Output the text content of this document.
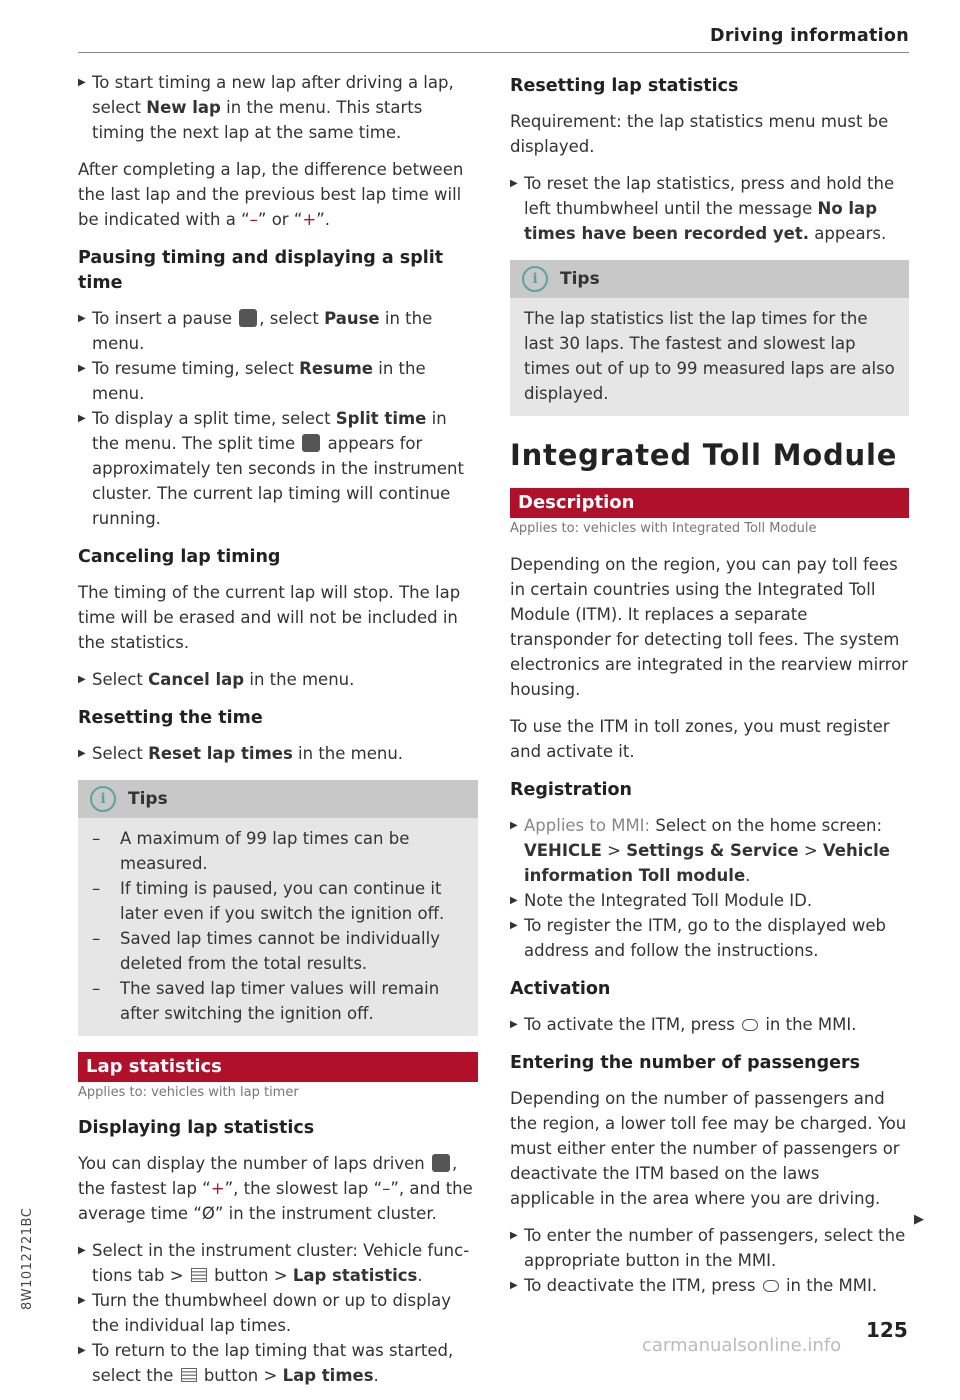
Driving information
▶ To start timing a new lap after driving a lap, select New lap in the menu. This starts timing the next lap at the same time.

After completing a lap, the difference between the last lap and the previous best lap time will be indicated with a “–” or “+”.

Pausing timing and displaying a split time
▶ To insert a pause , select Pause in the menu.
▶ To resume timing, select Resume in the menu.
▶ To display a split time, select Split time in the menu. The split time  appears for approximately ten seconds in the instrument cluster. The current lap timing will continue running.
Canceling lap timing

The timing of the current lap will stop. The lap time will be erased and will not be included in the statistics.

▶ Select Cancel lap in the menu.
Resetting the time
▶ Select Reset lap times in the menu.
i	Tips
– A maximum of 99 lap times can be measured.
– If timing is paused, you can continue it later even if you switch the ignition off.
– Saved lap times cannot be individually deleted from the total results.
– The saved lap timer values will remain after switching the ignition off.
Lap statistics
Applies to: vehicles with lap timer
Displaying lap statistics

You can display the number of laps driven , the fastest lap “+”, the slowest lap “–”, and the average time “Ø” in the instrument cluster.

▶ Select in the instrument cluster: Vehicle functions tab >  button > Lap statistics.
▶ Turn the thumbwheel down or up to display the individual lap times.
▶ To return to the lap timing that was started, select the  button > Lap times.
Resetting lap statistics

Requirement: the lap statistics menu must be displayed.

▶ To reset the lap statistics, press and hold the left thumbwheel until the message No lap times have been recorded yet. appears.
i	Tips
The lap statistics list the lap times for the last 30 laps. The fastest and slowest lap times out of up to 99 measured laps are also displayed.
Integrated Toll Module
Description
Applies to: vehicles with Integrated Toll Module

Depending on the region, you can pay toll fees in certain countries using the Integrated Toll Module (ITM). It replaces a separate transponder for detecting toll fees. The system electronics are integrated in the rearview mirror housing.

To use the ITM in toll zones, you must register and activate it.

Registration
▶ Applies to MMI: Select on the home screen: VEHICLE > Settings & Service > Vehicle information Toll module.
▶ Note the Integrated Toll Module ID.
▶ To register the ITM, go to the displayed web address and follow the instructions.
Activation
▶ To activate the ITM, press  in the MMI.
Entering the number of passengers

Depending on the number of passengers and the region, a lower toll fee may be charged. You must either enter the number of passengers or deactivate the ITM based on the laws applicable in the area where you are driving.

▶ To enter the number of passengers, select the appropriate button in the MMI.
▶ To deactivate the ITM, press  in the MMI.
▶
8W1012721BC
125
carmanualsonline.info
